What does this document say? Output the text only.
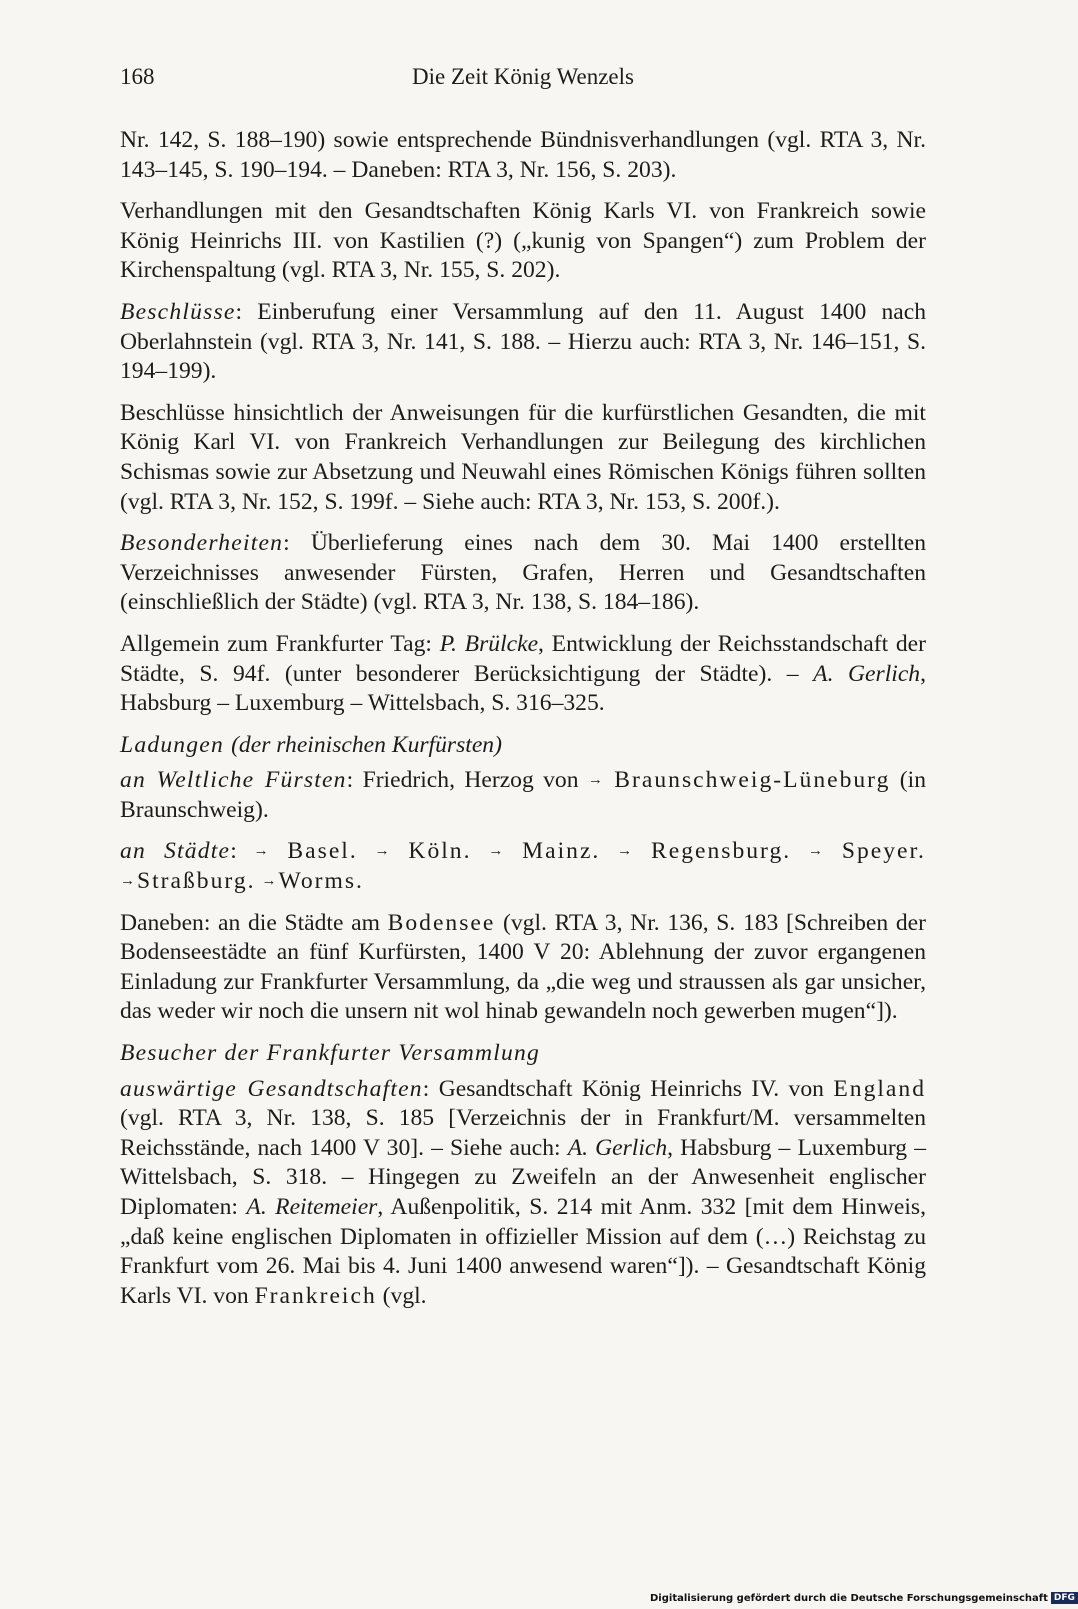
168	Die Zeit König Wenzels

Nr. 142, S. 188–190) sowie entsprechende Bündnisverhandlungen (vgl. RTA 3, Nr. 143–145, S. 190–194. – Daneben: RTA 3, Nr. 156, S. 203).

Verhandlungen mit den Gesandtschaften König Karls VI. von Frankreich sowie König Heinrichs III. von Kastilien (?) („kunig von Spangen“) zum Problem der Kirchenspaltung (vgl. RTA 3, Nr. 155, S. 202).

Beschlüsse: Einberufung einer Versammlung auf den 11. August 1400 nach Oberlahnstein (vgl. RTA 3, Nr. 141, S. 188. – Hierzu auch: RTA 3, Nr. 146–151, S. 194–199).

Beschlüsse hinsichtlich der Anweisungen für die kurfürstlichen Gesandten, die mit König Karl VI. von Frankreich Verhandlungen zur Beilegung des kirchlichen Schismas sowie zur Absetzung und Neuwahl eines Römischen Königs führen sollten (vgl. RTA 3, Nr. 152, S. 199f. – Siehe auch: RTA 3, Nr. 153, S. 200f.).

Besonderheiten: Überlieferung eines nach dem 30. Mai 1400 erstellten Verzeichnisses anwesender Fürsten, Grafen, Herren und Gesandtschaften (einschließlich der Städte) (vgl. RTA 3, Nr. 138, S. 184–186).

Allgemein zum Frankfurter Tag: P. Brülcke, Entwicklung der Reichsstandschaft der Städte, S. 94f. (unter besonderer Berücksichtigung der Städte). – A. Gerlich, Habsburg – Luxemburg – Wittelsbach, S. 316–325.

Ladungen (der rheinischen Kurfürsten)

an Weltliche Fürsten: Friedrich, Herzog von → Braunschweig-Lüneburg (in Braunschweig).

an Städte: → Basel. → Köln. → Mainz. → Regensburg. → Speyer. →Straßburg. →Worms.

Daneben: an die Städte am Bodensee (vgl. RTA 3, Nr. 136, S. 183 [Schreiben der Bodenseestädte an fünf Kurfürsten, 1400 V 20: Ablehnung der zuvor ergangenen Einladung zur Frankfurter Versammlung, da „die weg und straussen als gar unsicher, das weder wir noch die unsern nit wol hinab gewandeln noch gewerben mugen“]).

Besucher der Frankfurter Versammlung

auswärtige Gesandtschaften: Gesandtschaft König Heinrichs IV. von England (vgl. RTA 3, Nr. 138, S. 185 [Verzeichnis der in Frankfurt/M. versammelten Reichsstände, nach 1400 V 30]. – Siehe auch: A. Gerlich, Habsburg – Luxemburg – Wittelsbach, S. 318. – Hingegen zu Zweifeln an der Anwesenheit englischer Diplomaten: A. Reitemeier, Außenpolitik, S. 214 mit Anm. 332 [mit dem Hinweis, „daß keine englischen Diplomaten in offizieller Mission auf dem (…) Reichstag zu Frankfurt vom 26. Mai bis 4. Juni 1400 anwesend waren“]). – Gesandtschaft König Karls VI. von Frankreich (vgl.

Digitalisierung gefördert durch die Deutsche Forschungsgemeinschaft DFG
